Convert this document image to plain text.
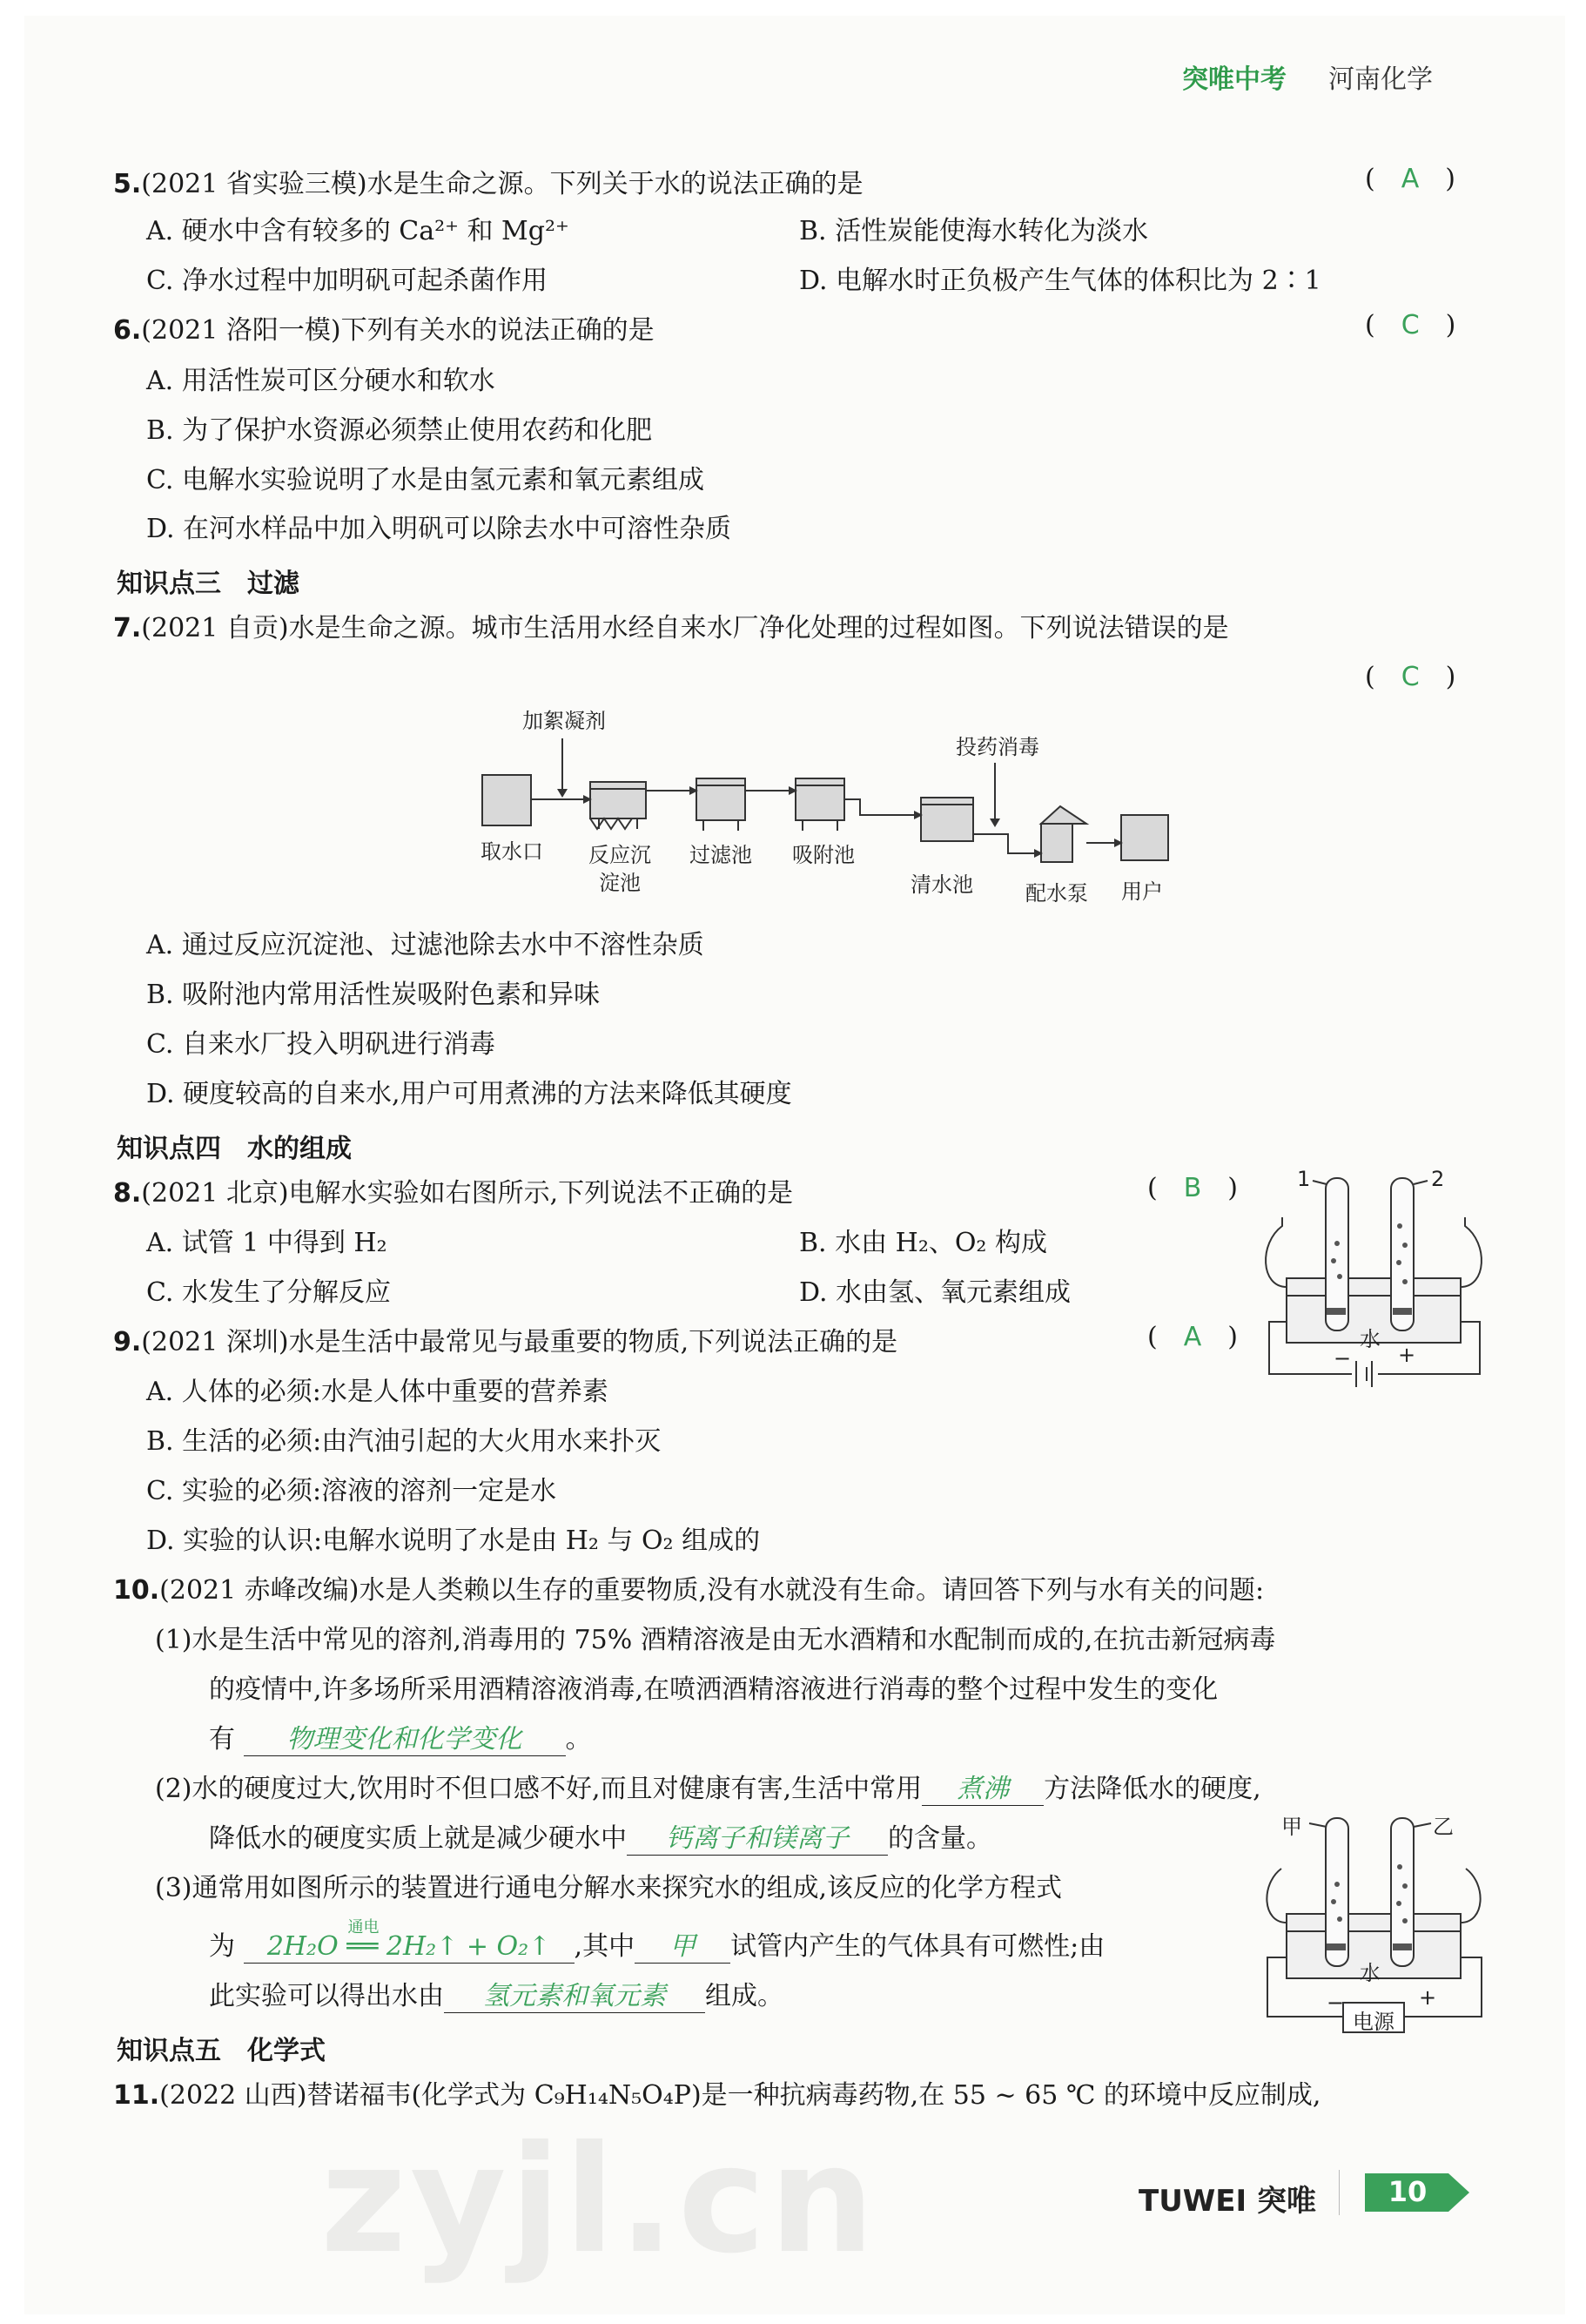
突唯中考 河南化学
5.(2021 省实验三模)水是生命之源。下列关于水的说法正确的是	(　A　)
A. 硬水中含有较多的 Ca²⁺ 和 Mg²⁺	B. 活性炭能使海水转化为淡水
C. 净水过程中加明矾可起杀菌作用	D. 电解水时正负极产生气体的体积比为 2∶1
6.(2021 洛阳一模)下列有关水的说法正确的是	(　C　)
A. 用活性炭可区分硬水和软水
B. 为了保护水资源必须禁止使用农药和化肥
C. 电解水实验说明了水是由氢元素和氧元素组成
D. 在河水样品中加入明矾可以除去水中可溶性杂质
知识点三　过滤
7.(2021 自贡)水是生命之源。城市生活用水经自来水厂净化处理的过程如图。下列说法错误的是
(　C　)
加絮凝剂
投药消毒
取水口 反应沉
淀池
过滤池 吸附池
清水池	配水泵 用户
A. 通过反应沉淀池、过滤池除去水中不溶性杂质
B. 吸附池内常用活性炭吸附色素和异味
C. 自来水厂投入明矾进行消毒
D. 硬度较高的自来水,用户可用煮沸的方法来降低其硬度
知识点四　水的组成
8.(2021 北京)电解水实验如右图所示,下列说法不正确的是	(　B　)
A. 试管 1 中得到 H₂	B. 水由 H₂、O₂ 构成
C. 水发生了分解反应	D. 水由氢、氧元素组成
1	2
水
− +
9.(2021 深圳)水是生活中最常见与最重要的物质,下列说法正确的是	(　A　)
A. 人体的必须:水是人体中重要的营养素
B. 生活的必须:由汽油引起的大火用水来扑灭
C. 实验的必须:溶液的溶剂一定是水
D. 实验的认识:电解水说明了水是由 H₂ 与 O₂ 组成的
10.(2021 赤峰改编)水是人类赖以生存的重要物质,没有水就没有生命。请回答下列与水有关的问题:
(1)水是生活中常见的溶剂,消毒用的 75% 酒精溶液是由无水酒精和水配制而成的,在抗击新冠病毒
的疫情中,许多场所采用酒精溶液消毒,在喷洒酒精溶液进行消毒的整个过程中发生的变化
有 物理变化和化学变化 。
(2)水的硬度过大,饮用时不但口感不好,而且对健康有害,生活中常用 煮沸 方法降低水的硬度,
降低水的硬度实质上就是减少硬水中 钙离子和镁离子 的含量。
(3)通常用如图所示的装置进行通电分解水来探究水的组成,该反应的化学方程式
为
通电
2H₂O ══ 2H₂↑ + O₂↑ ,其中 甲 试管内产生的气体具有可燃性;由
此实验可以得出水由 氢元素和氧元素 组成。
甲	乙
水
电源
−	+
知识点五　化学式
11.(2022 山西)替诺福韦(化学式为 C₉H₁₄N₅O₄P)是一种抗病毒药物,在 55 ~ 65 ℃ 的环境中反应制成,
zyjl.cn	TUWEI 突唯	10
